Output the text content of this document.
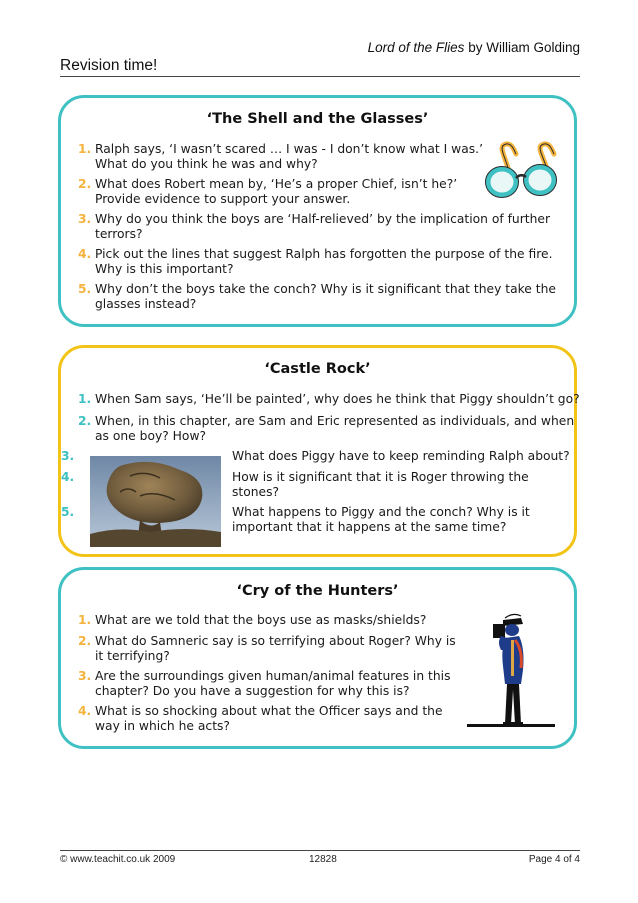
Lord of the Flies by William Golding
Revision time!
‘The Shell and the Glasses’
1. Ralph says, ‘I wasn’t scared … I was - I don’t know what I was.’
What do you think he was and why?
2. What does Robert mean by, ‘He’s a proper Chief, isn’t he?’
Provide evidence to support your answer.
3. Why do you think the boys are ‘Half-relieved’ by the implication of further
terrors?
4. Pick out the lines that suggest Ralph has forgotten the purpose of the fire.
Why is this important?
5. Why don’t the boys take the conch? Why is it significant that they take the
glasses instead?
‘Castle Rock’
1. When Sam says, ‘He’ll be painted’, why does he think that Piggy shouldn’t go?
2. When, in this chapter, are Sam and Eric represented as individuals, and when
as one boy? How?
3.	What does Piggy have to keep reminding Ralph about?
4.	How is it significant that it is Roger throwing the
stones?
5.	What happens to Piggy and the conch? Why is it
important that it happens at the same time?
‘Cry of the Hunters’
1. What are we told that the boys use as masks/shields?
2. What do Samneric say is so terrifying about Roger? Why is
it terrifying?
3. Are the surroundings given human/animal features in this
chapter? Do you have a suggestion for why this is?
4. What is so shocking about what the Officer says and the
way in which he acts?
© www.teachit.co.uk 2009	12828	Page 4 of 4
